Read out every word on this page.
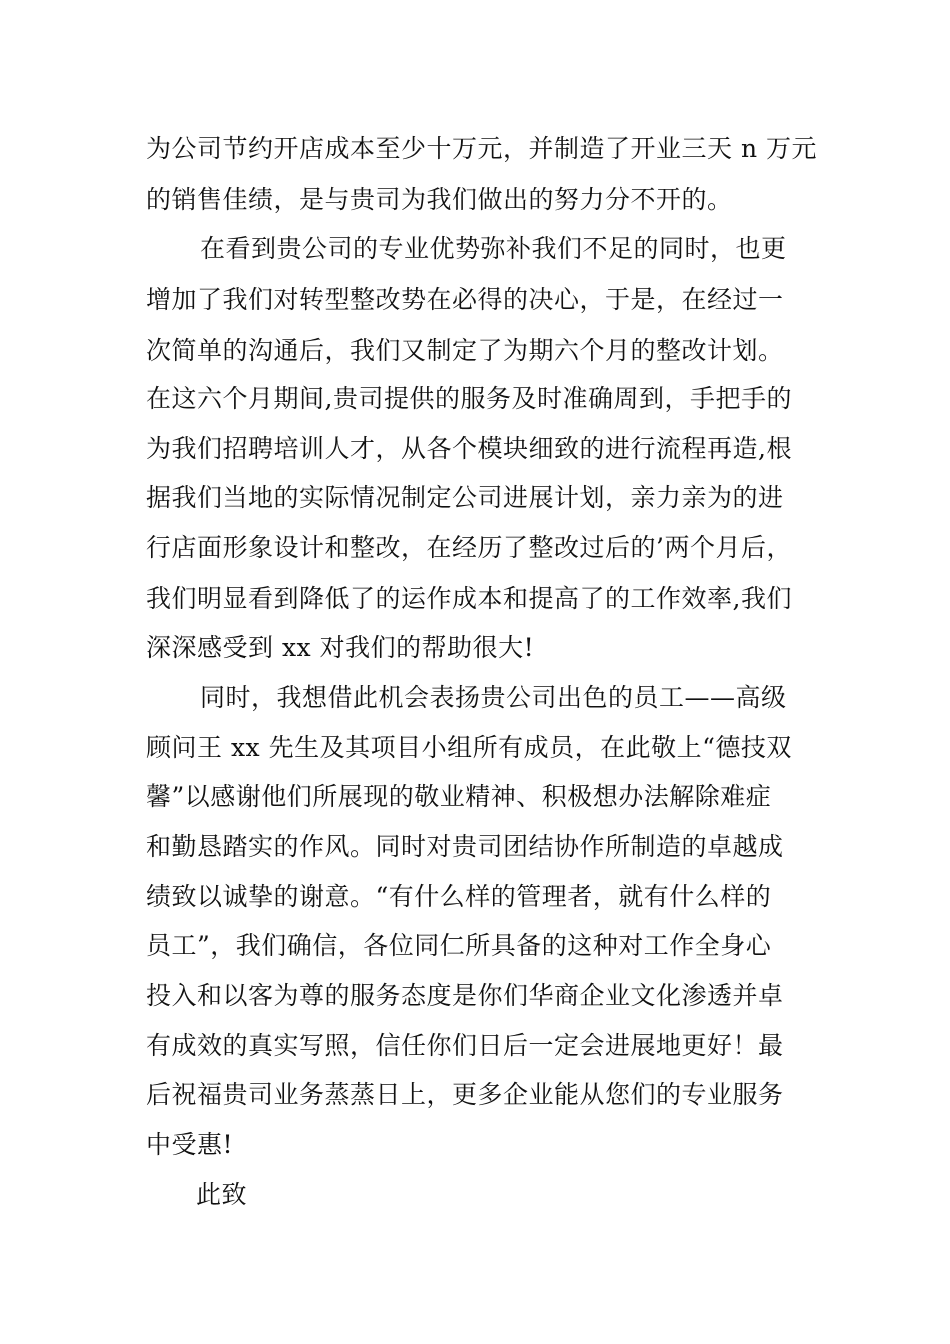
为公司节约开店成本至少十万元，并制造了开业三天 n 万元
的销售佳绩，是与贵司为我们做出的努力分不开的。
在看到贵公司的专业优势弥补我们不足的同时，也更
增加了我们对转型整改势在必得的决心，于是，在经过一
次简单的沟通后，我们又制定了为期六个月的整改计划。
在这六个月期间,贵司提供的服务及时准确周到，手把手的
为我们招聘培训人才，从各个模块细致的进行流程再造,根
据我们当地的实际情况制定公司进展计划，亲力亲为的进
行店面形象设计和整改，在经历了整改过后的’两个月后，
我们明显看到降低了的运作成本和提高了的工作效率,我们
深深感受到 xx 对我们的帮助很大!
同时，我想借此机会表扬贵公司出色的员工——高级
顾问王 xx 先生及其项目小组所有成员，在此敬上“德技双
馨”以感谢他们所展现的敬业精神、积极想办法解除难症
和勤恳踏实的作风。同时对贵司团结协作所制造的卓越成
绩致以诚挚的谢意。“有什么样的管理者，就有什么样的
员工”，我们确信，各位同仁所具备的这种对工作全身心
投入和以客为尊的服务态度是你们华商企业文化渗透并卓
有成效的真实写照，信任你们日后一定会进展地更好！最
后祝福贵司业务蒸蒸日上，更多企业能从您们的专业服务
中受惠!
此致
